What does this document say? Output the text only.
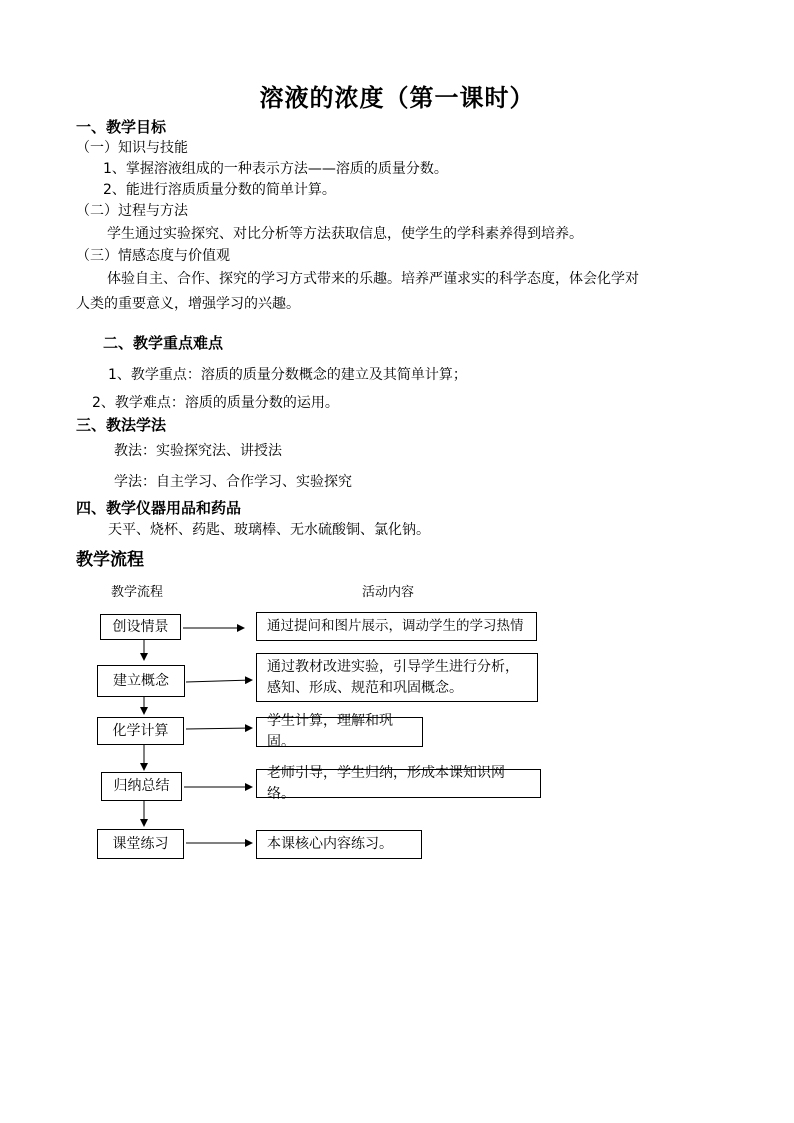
溶液的浓度（第一课时）
一、教学目标
（一）知识与技能
1、掌握溶液组成的一种表示方法——溶质的质量分数。
2、能进行溶质质量分数的简单计算。
（二）过程与方法
学生通过实验探究、对比分析等方法获取信息，使学生的学科素养得到培养。
（三）情感态度与价值观
体验自主、合作、探究的学习方式带来的乐趣。培养严谨求实的科学态度，体会化学对
人类的重要意义，增强学习的兴趣。
二、教学重点难点
1、教学重点：溶质的质量分数概念的建立及其简单计算；
2、教学难点：溶质的质量分数的运用。
三、教法学法
教法：实验探究法、讲授法
学法：自主学习、合作学习、实验探究
四、教学仪器用品和药品
天平、烧杯、药匙、玻璃棒、无水硫酸铜、氯化钠。
教学流程
教学流程	活动内容
创设情景
建立概念
化学计算
归纳总结
课堂练习
通过提问和图片展示，调动学生的学习热情
通过教材改进实验，引导学生进行分析，感知、形成、规范和巩固概念。
学生计算，理解和巩固。
老师引导，学生归纳，形成本课知识网络。
本课核心内容练习。
